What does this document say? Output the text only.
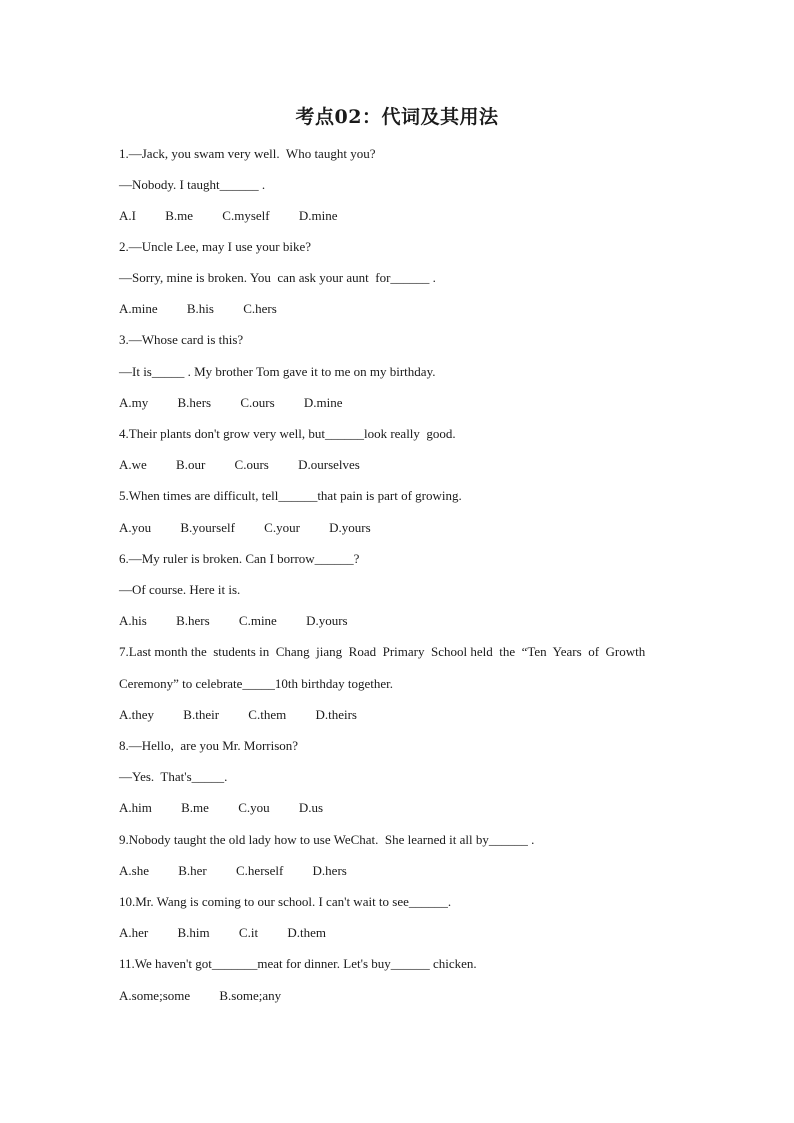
考点02：代词及其用法
1.—Jack, you swam very well.  Who taught you?
—Nobody. I taught______ .
A.I B.me C.myself D.mine
2.—Uncle Lee, may I use your bike?
—Sorry, mine is broken. You  can ask your aunt  for______ .
A.mine B.his C.hers
3.—Whose card is this?
—It is_____ . My brother Tom gave it to me on my birthday.
A.my B.hers C.ours D.mine
4.Their plants don't grow very well, but______look really  good.
A.we B.our C.ours D.ourselves
5.When times are difficult, tell______that pain is part of growing.
A.you B.yourself C.your D.yours
6.—My ruler is broken. Can I borrow______?
—Of course. Here it is.
A.his B.hers C.mine D.yours
7.Last month the  students in  Chang  jiang  Road  Primary  School held  the  “Ten  Years  of  Growth
Ceremony” to celebrate_____10th birthday together.
A.they B.their C.them D.theirs
8.—Hello,  are you Mr. Morrison?
—Yes.  That's_____.
A.him B.me C.you D.us
9.Nobody taught the old lady how to use WeChat.  She learned it all by______ .
A.she B.her C.herself D.hers
10.Mr. Wang is coming to our school. I can't wait to see______.
A.her B.him C.it D.them
11.We haven't got_______meat for dinner. Let's buy______ chicken.
A.some;some B.some;any
